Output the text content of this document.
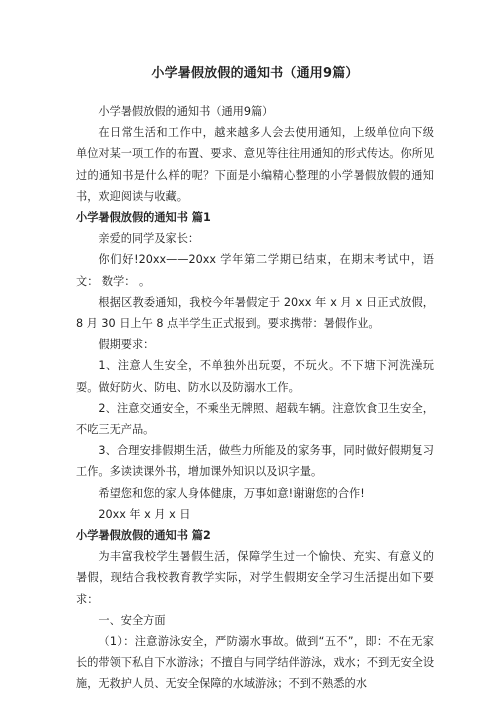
小学暑假放假的通知书（通用9篇）
小学暑假放假的通知书（通用9篇）
在日常生活和工作中，越来越多人会去使用通知，上级单位向下级单位对某一项工作的布置、要求、意见等往往用通知的形式传达。你所见过的通知书是什么样的呢？下面是小编精心整理的小学暑假放假的通知书，欢迎阅读与收藏。
小学暑假放假的通知书 篇1
亲爱的同学及家长：
你们好!20xx——20xx 学年第二学期已结束，在期末考试中，语文： 数学： 。
根据区教委通知，我校今年暑假定于 20xx 年 x 月 x 日正式放假，8 月 30 日上午 8 点半学生正式报到。要求携带：暑假作业。
假期要求：
1、注意人生安全，不单独外出玩耍，不玩火。不下塘下河洗澡玩耍。做好防火、防电、防水以及防溺水工作。
2、注意交通安全，不乘坐无牌照、超载车辆。注意饮食卫生安全，不吃三无产品。
3、合理安排假期生活，做些力所能及的家务事，同时做好假期复习工作。多读读课外书，增加课外知识以及识字量。
希望您和您的家人身体健康，万事如意!谢谢您的合作!
20xx 年 x 月 x 日
小学暑假放假的通知书 篇2
为丰富我校学生暑假生活，保障学生过一个愉快、充实、有意义的暑假，现结合我校教育教学实际，对学生假期安全学习生活提出如下要求：
一、安全方面
（1）：注意游泳安全，严防溺水事故。做到“五不”，即：不在无家长的带领下私自下水游泳；不擅自与同学结伴游泳，戏水；不到无安全设施，无救护人员、无安全保障的水域游泳；不到不熟悉的水
